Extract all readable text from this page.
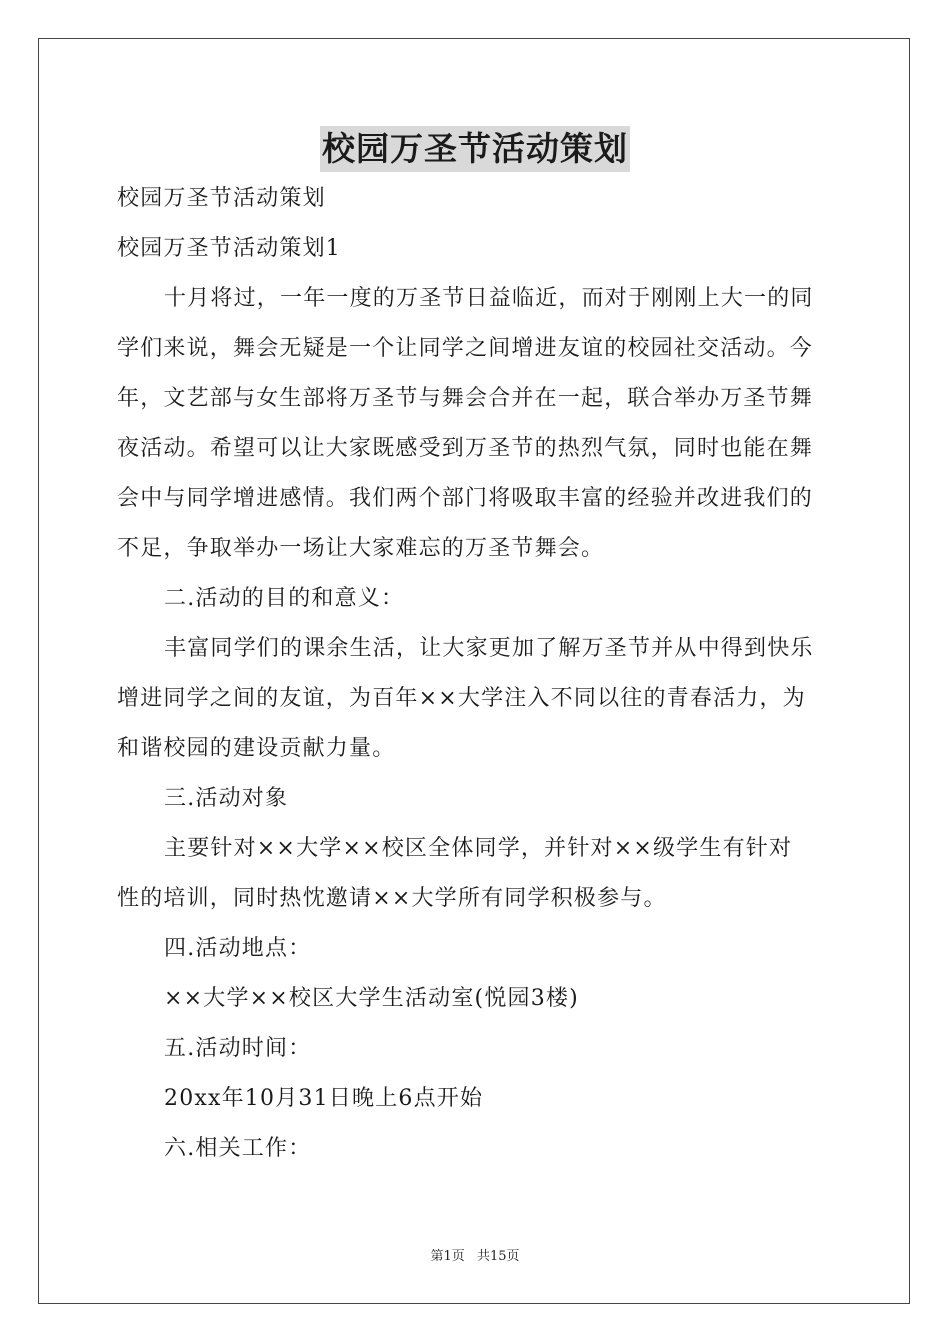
校园万圣节活动策划
校园万圣节活动策划
校园万圣节活动策划1
十月将过，一年一度的万圣节日益临近，而对于刚刚上大一的同
学们来说，舞会无疑是一个让同学之间增进友谊的校园社交活动。今
年，文艺部与女生部将万圣节与舞会合并在一起，联合举办万圣节舞
夜活动。希望可以让大家既感受到万圣节的热烈气氛，同时也能在舞
会中与同学增进感情。我们两个部门将吸取丰富的经验并改进我们的
不足，争取举办一场让大家难忘的万圣节舞会。
二.活动的目的和意义：
丰富同学们的课余生活，让大家更加了解万圣节并从中得到快乐
增进同学之间的友谊，为百年××大学注入不同以往的青春活力，为
和谐校园的建设贡献力量。
三.活动对象
主要针对××大学××校区全体同学，并针对××级学生有针对
性的培训，同时热忱邀请××大学所有同学积极参与。
四.活动地点：
××大学××校区大学生活动室(悦园3楼)
五.活动时间：
20xx年10月31日晚上6点开始
六.相关工作：
第1页 共15页
